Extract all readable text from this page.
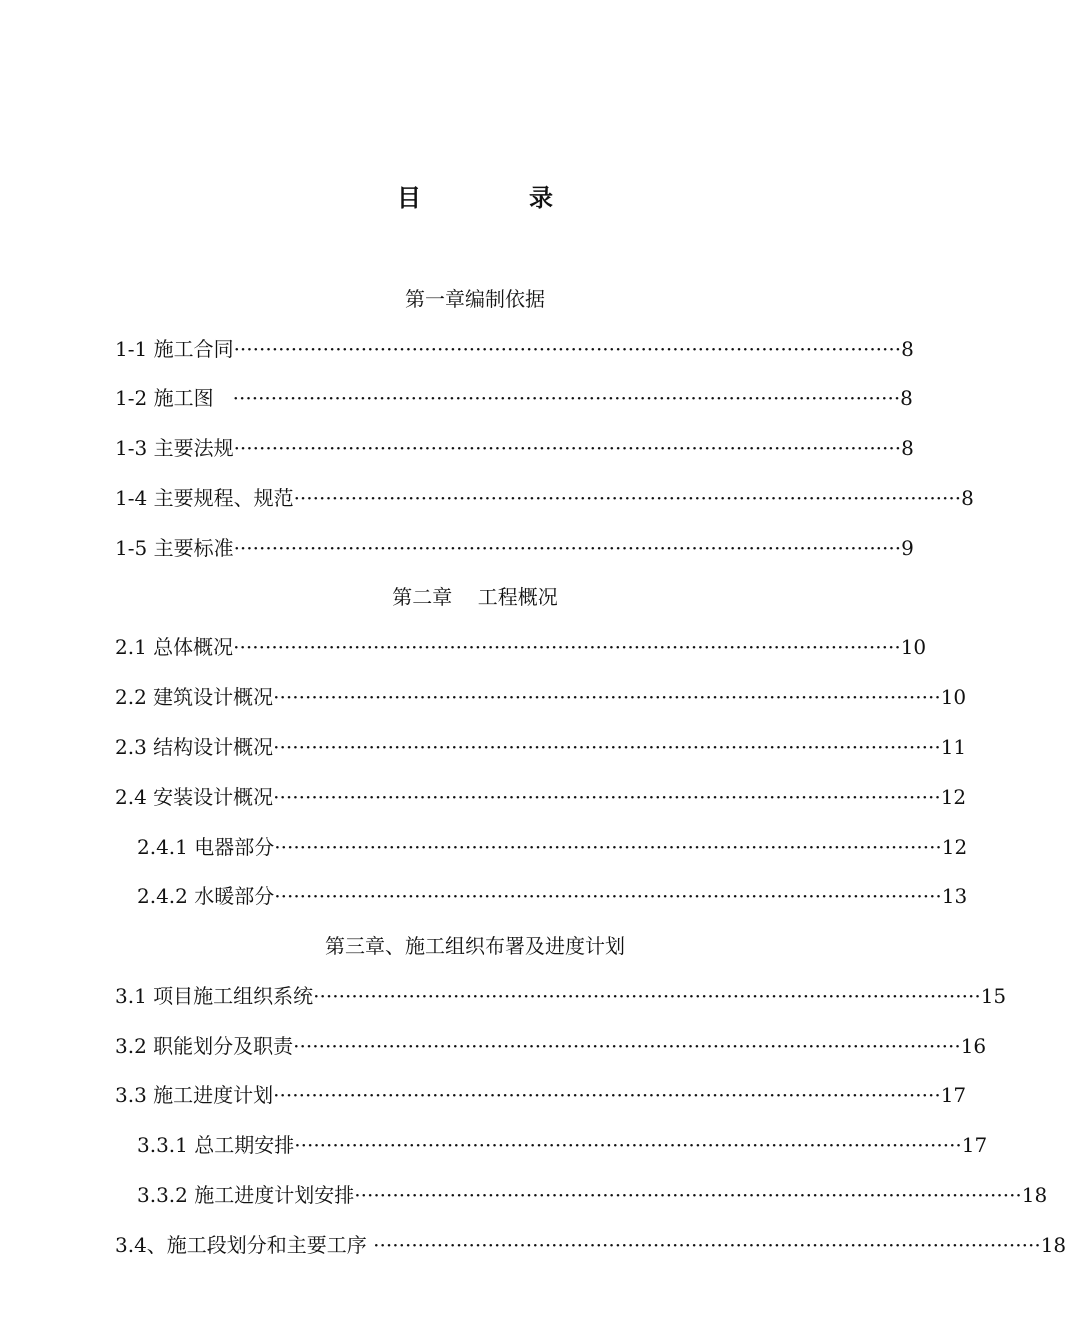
目	录
第一章编制依据
1-1 施工合同 ········································································································· 8
1-2 施工图 ········································································································· 8
1-3 主要法规 ········································································································· 8
1-4 主要规程、规范 ········································································································· 8
1-5 主要标准 ········································································································· 9
第二章    工程概况
2.1 总体概况 ········································································································· 10
2.2 建筑设计概况 ········································································································· 10
2.3 结构设计概况 ········································································································· 11
2.4 安装设计概况 ········································································································· 12
2.4.1 电器部分 ········································································································· 12
2.4.2 水暖部分 ········································································································· 13
第三章、施工组织布署及进度计划
3.1 项目施工组织系统 ········································································································· 15
3.2 职能划分及职责 ········································································································· 16
3.3 施工进度计划 ········································································································· 17
3.3.1 总工期安排 ········································································································· 17
3.3.2 施工进度计划安排 ········································································································· 18
3.4、施工段划分和主要工序 ········································································································· 18
